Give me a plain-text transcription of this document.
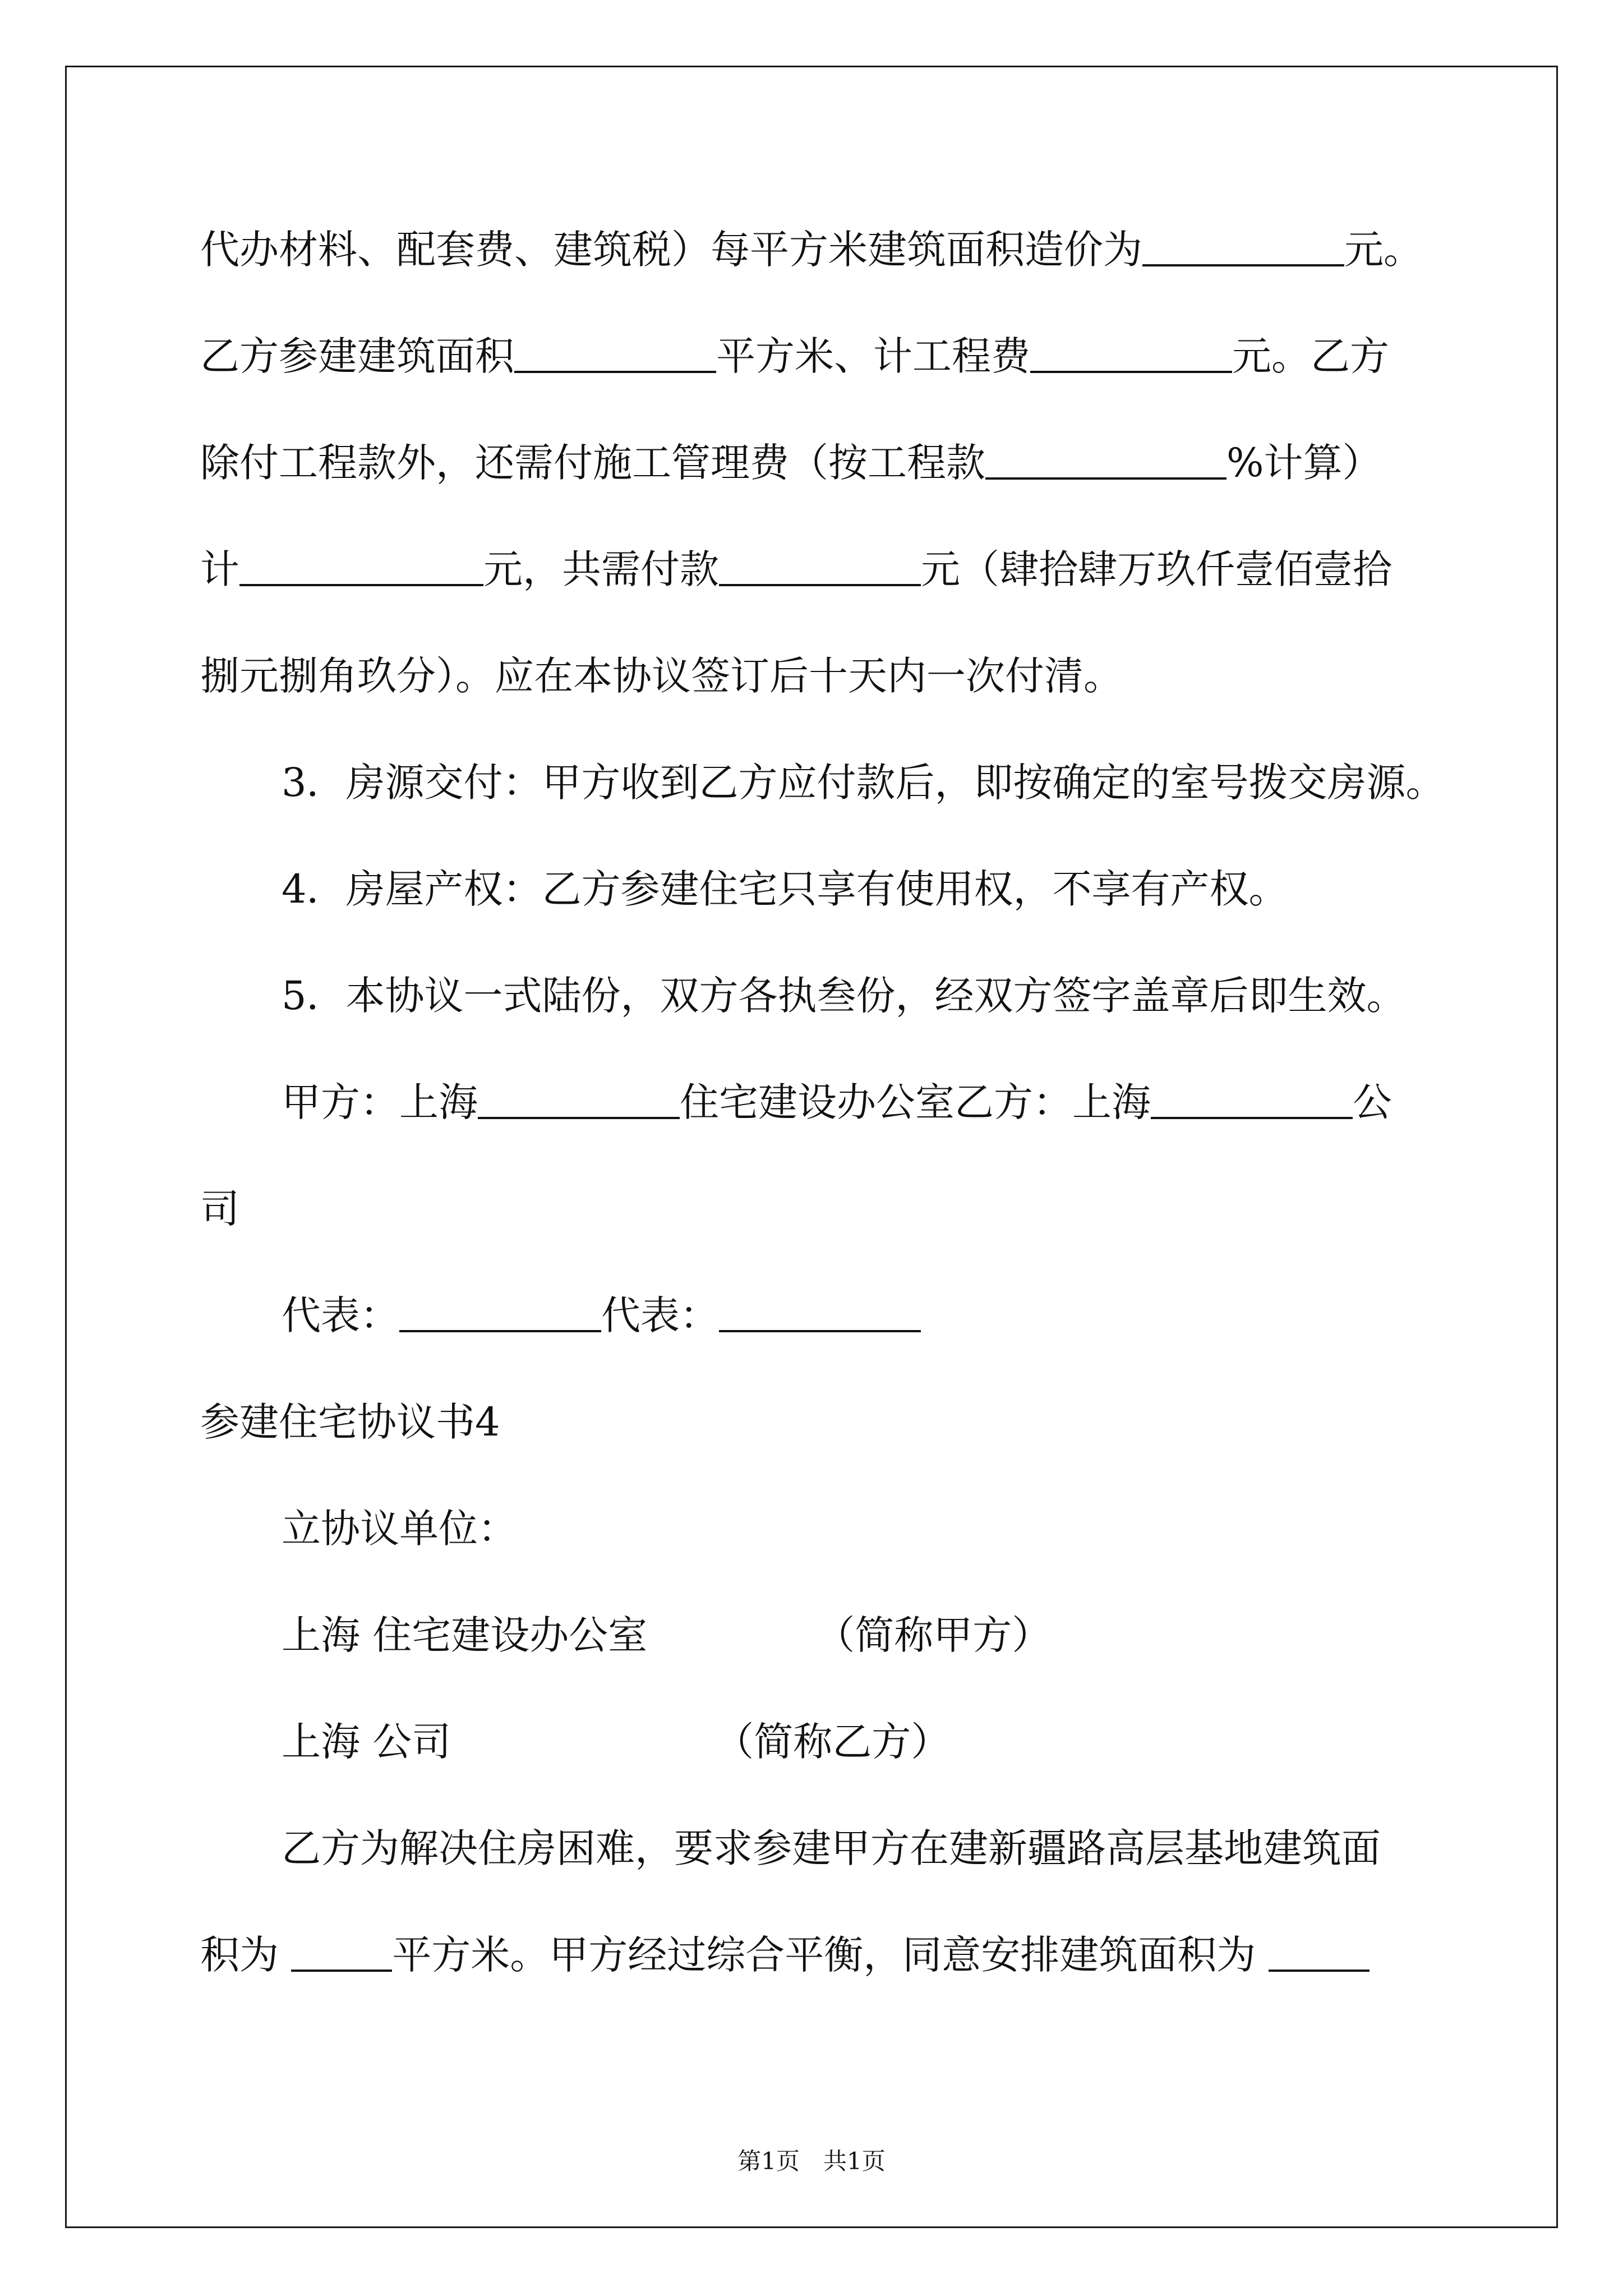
代办材料、配套费、建筑税）每平方米建筑面积造价为	元。
乙方参建建筑面积	平方米、计工程费	元。乙方
除付工程款外，还需付施工管理费（按工程款	%计算）
计	元，共需付款	元（肆拾肆万玖仟壹佰壹拾
捌元捌角玖分）。应在本协议签订后十天内一次付清。
3．房源交付：甲方收到乙方应付款后，即按确定的室号拨交房源。
4．房屋产权：乙方参建住宅只享有使用权，不享有产权。
5．本协议一式陆份，双方各执叁份，经双方签字盖章后即生效。
甲方：上海	住宅建设办公室乙方：上海	公
司
代表：	代表：
参建住宅协议书4
立协议单位：
上海 住宅建设办公室	（简称甲方）
上海 公司	（简称乙方）
乙方为解决住房困难，要求参建甲方在建新疆路高层基地建筑面
积为	平方米。甲方经过综合平衡，同意安排建筑面积为
第1页　共1页
